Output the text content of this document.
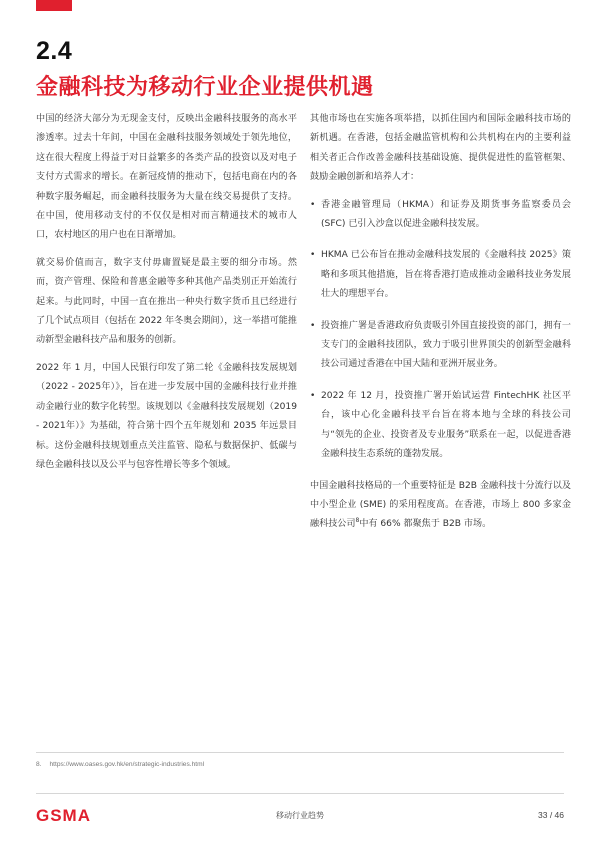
2.4
金融科技为移动行业企业提供机遇

中国的经济大部分为无现金支付，反映出金融科技服务的高水平渗透率。过去十年间，中国在金融科技服务领域处于领先地位，这在很大程度上得益于对日益繁多的各类产品的投资以及对电子支付方式需求的增长。在新冠疫情的推动下，包括电商在内的各种数字服务崛起，而金融科技服务为大量在线交易提供了支持。在中国，使用移动支付的不仅仅是相对而言精通技术的城市人口，农村地区的用户也在日渐增加。

就交易价值而言，数字支付毋庸置疑是最主要的细分市场。然而，资产管理、保险和普惠金融等多种其他产品类别正开始流行起来。与此同时，中国一直在推出一种央行数字货币且已经进行了几个试点项目（包括在 2022 年冬奥会期间），这一举措可能推动新型金融科技产品和服务的创新。

2022 年 1 月，中国人民银行印发了第二轮《金融科技发展规划（2022 - 2025年）》，旨在进一步发展中国的金融科技行业并推动金融行业的数字化转型。该规划以《金融科技发展规划（2019 - 2021年）》为基础，符合第十四个五年规划和 2035 年远景目标。这份金融科技规划重点关注监管、隐私与数据保护、低碳与绿色金融科技以及公平与包容性增长等多个领域。

其他市场也在实施各项举措，以抓住国内和国际金融科技市场的新机遇。在香港，包括金融监管机构和公共机构在内的主要利益相关者正合作改善金融科技基础设施、提供促进性的监管框架、鼓励金融创新和培养人才：

• 香港金融管理局（HKMA）和证券及期货事务监察委员会 (SFC) 已引入沙盒以促进金融科技发展。
• HKMA 已公布旨在推动金融科技发展的《金融科技 2025》策略和多项其他措施，旨在将香港打造成推动金融科技业务发展壮大的理想平台。
• 投资推广署是香港政府负责吸引外国直接投资的部门，拥有一支专门的金融科技团队，致力于吸引世界顶尖的创新型金融科技公司通过香港在中国大陆和亚洲开展业务。
• 2022 年 12 月，投资推广署开始试运营 FintechHK 社区平台，该中心化金融科技平台旨在将本地与全球的科技公司与“领先的企业、投资者及专业服务”联系在一起，以促进香港金融科技生态系统的蓬勃发展。

中国金融科技格局的一个重要特征是 B2B 金融科技十分流行以及中小型企业 (SME) 的采用程度高。在香港，市场上 800 多家金融科技公司$^8$中有 66% 都聚焦于 B2B 市场。

8. https://www.oases.gov.hk/en/strategic-industries.html
GSMA	移动行业趋势	33 / 46
